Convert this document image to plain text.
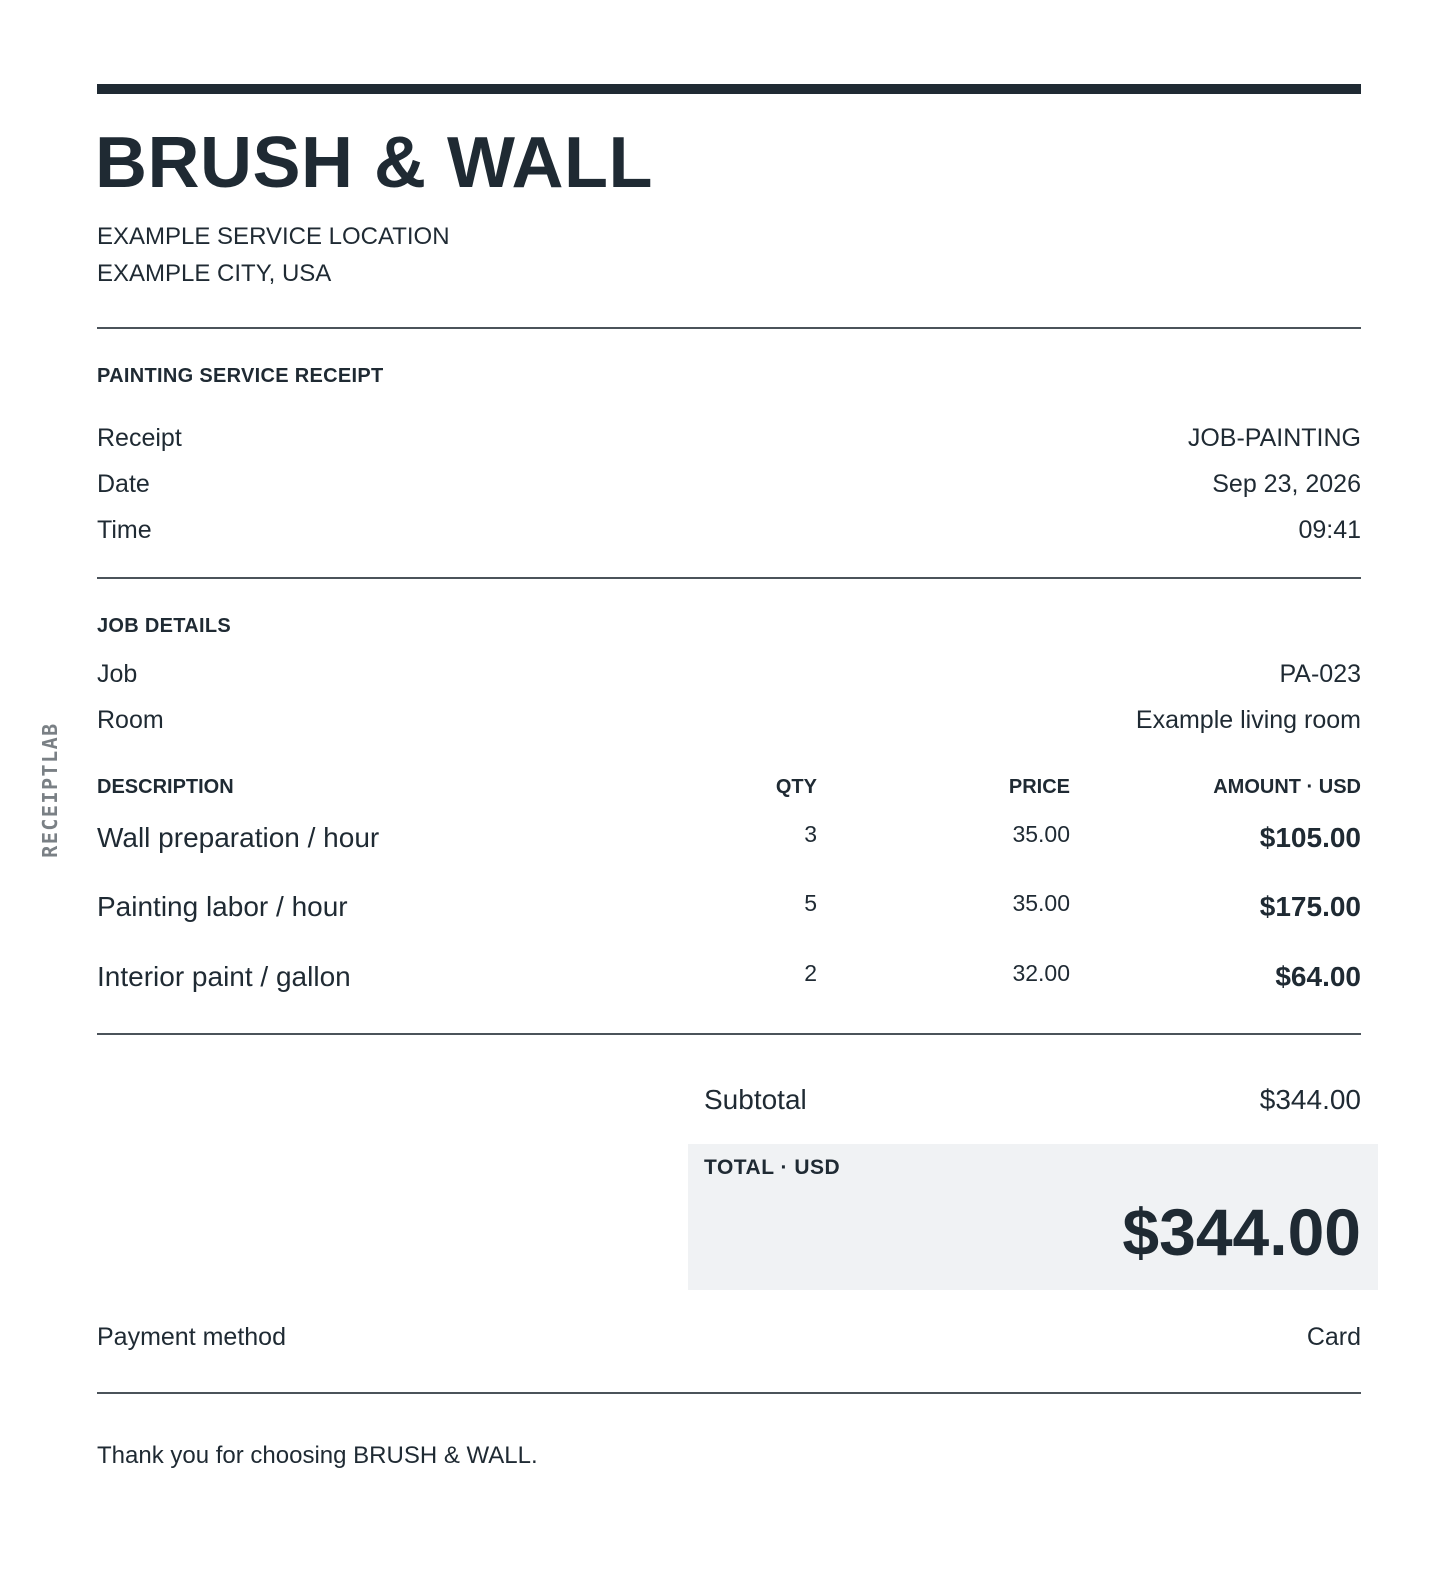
RECEIPTLAB
BRUSH & WALL
EXAMPLE SERVICE LOCATION
EXAMPLE CITY, USA
PAINTING SERVICE RECEIPT
Receipt	JOB-PAINTING
Date	Sep 23, 2026
Time	09:41
JOB DETAILS
Job	PA-023
Room	Example living room
DESCRIPTION	QTY	PRICE	AMOUNT · USD
Wall preparation / hour	3	35.00	$105.00
Painting labor / hour	5	35.00	$175.00
Interior paint / gallon	2	32.00	$64.00
Subtotal	$344.00
TOTAL · USD
$344.00
Payment method	Card
Thank you for choosing BRUSH & WALL.
